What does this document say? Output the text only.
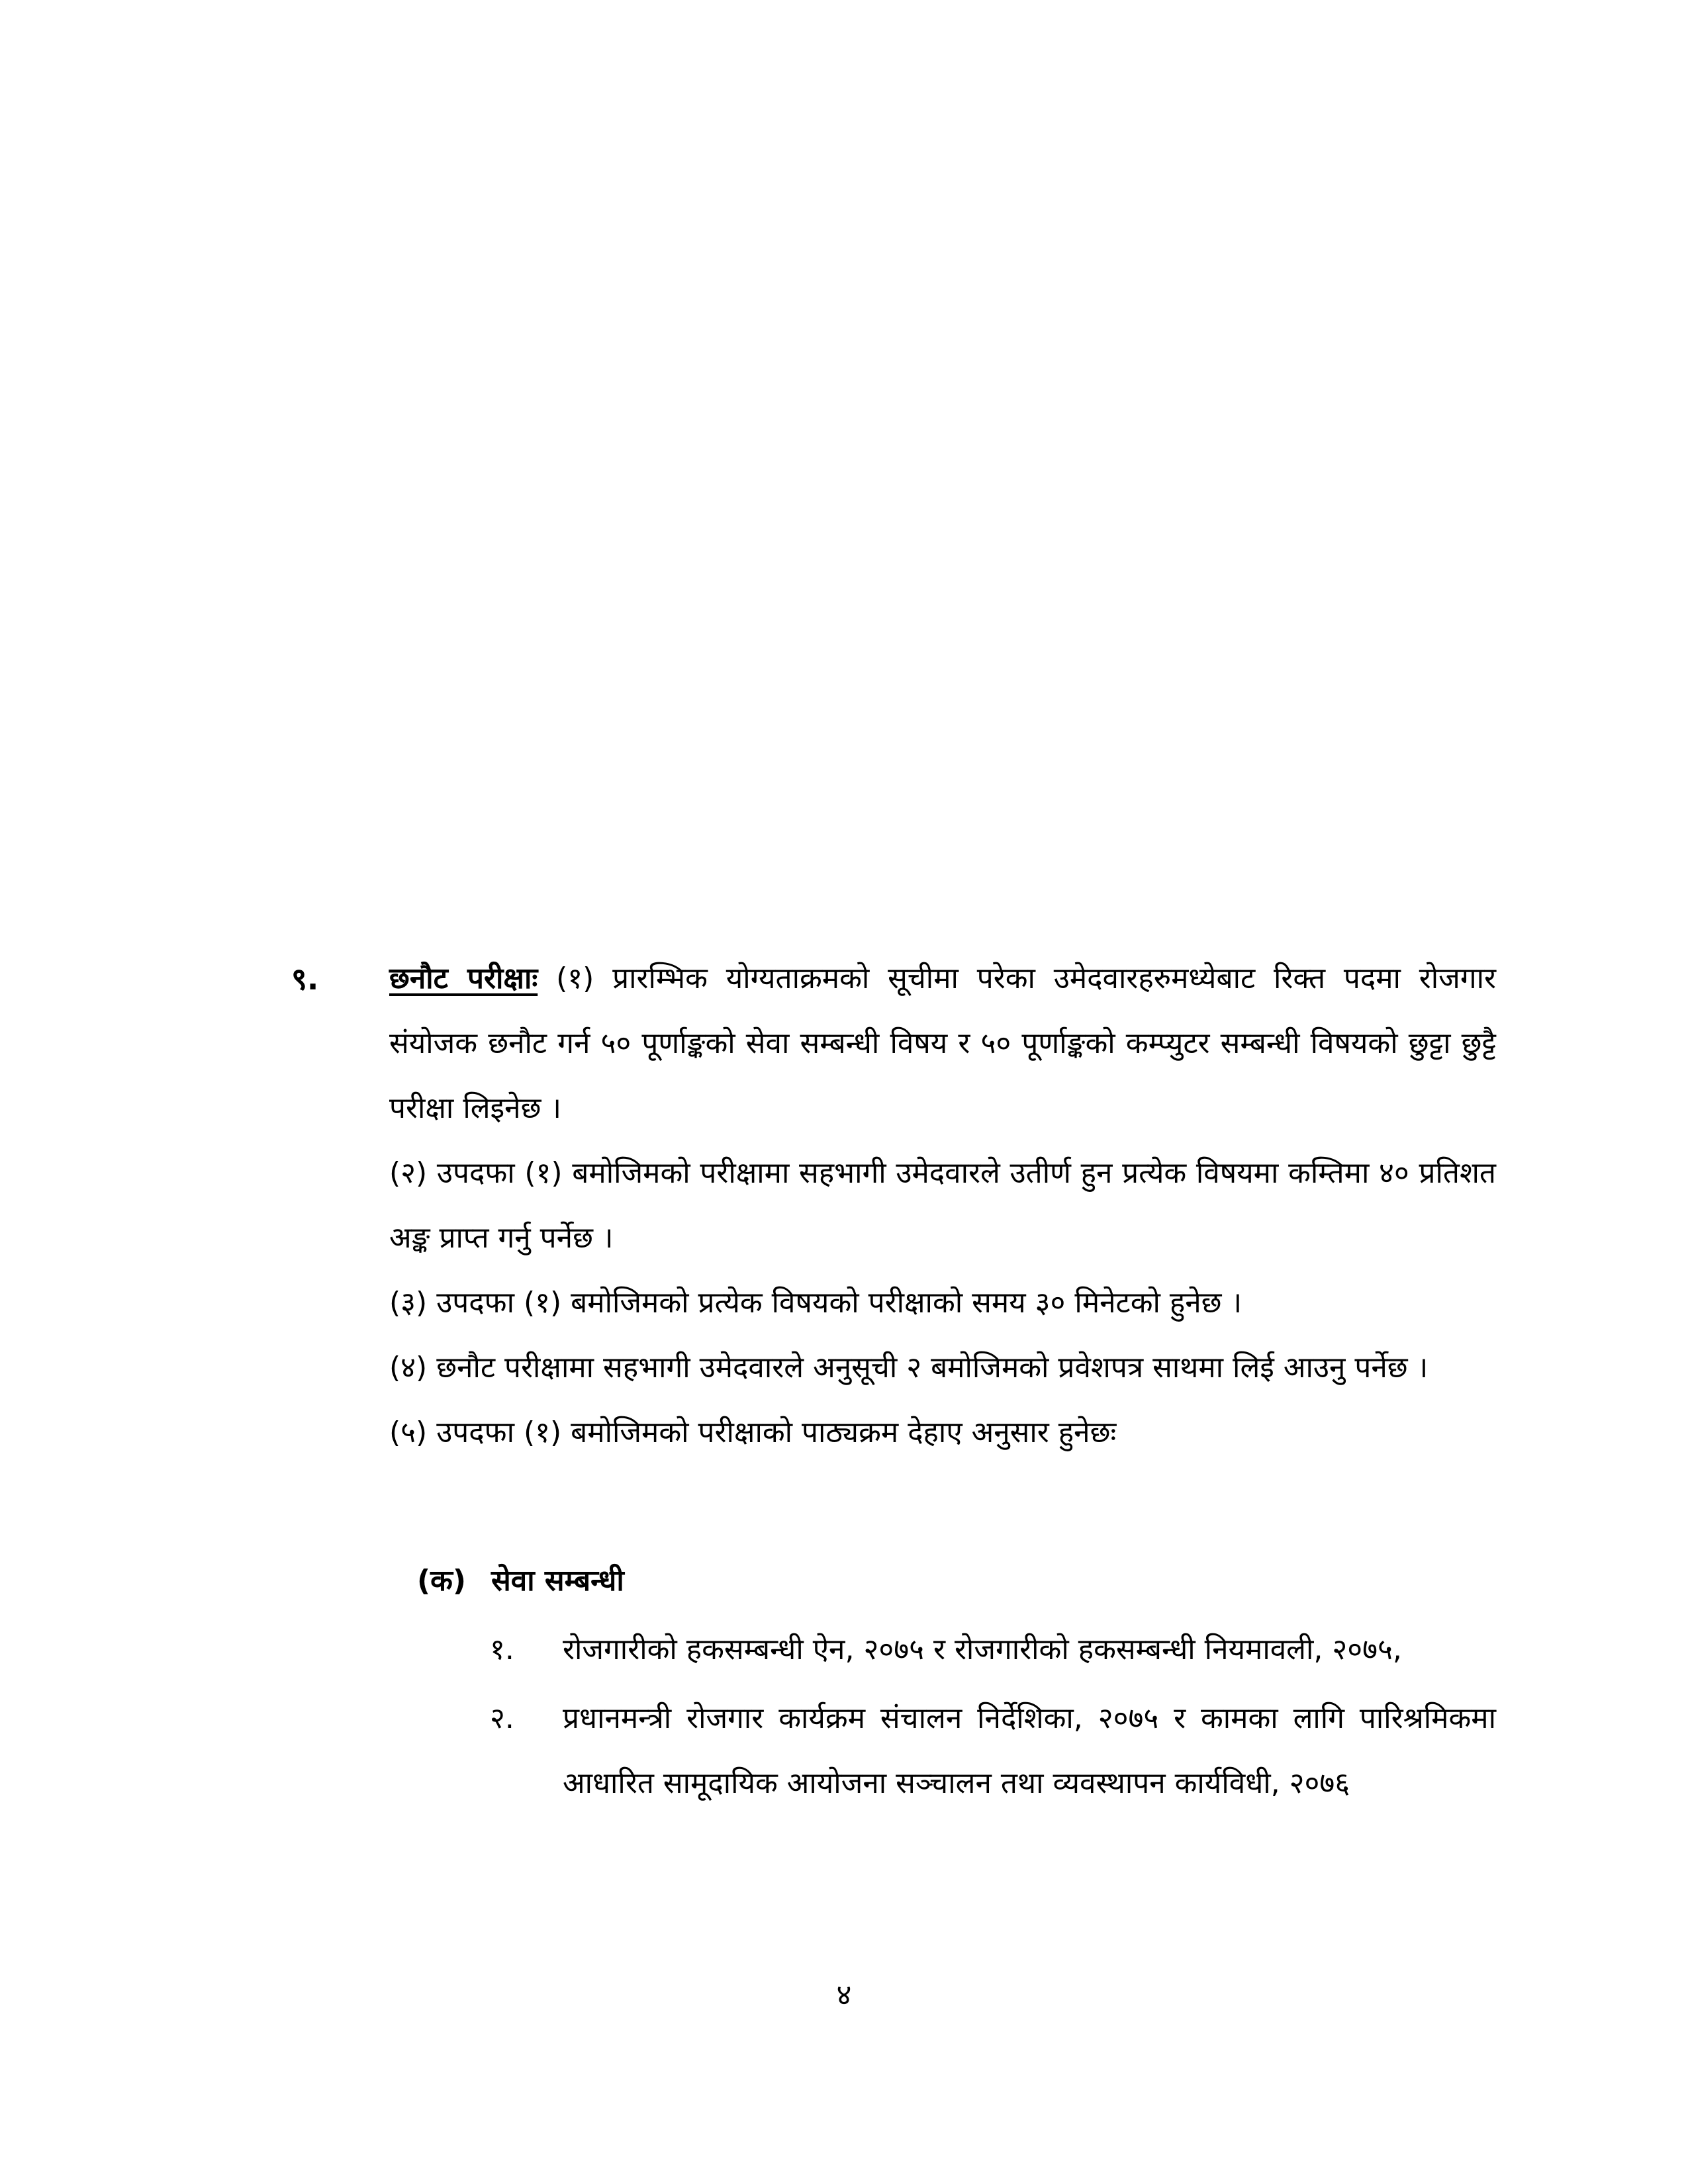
९. छनौट परीक्षाः (१) प्रारम्भिक योग्यताक्रमको सूचीमा परेका उमेदवारहरुमध्येबाट रिक्त पदमा रोजगार संयोजक छनौट गर्न ५० पूर्णाङ्कको सेवा सम्बन्धी विषय र ५० पूर्णाङ्कको कम्प्युटर सम्बन्धी विषयको छुट्टा छुट्टै परीक्षा लिइनेछ ।

(२) उपदफा (१) बमोजिमको परीक्षामा सहभागी उमेदवारले उतीर्ण हुन प्रत्येक विषयमा कम्तिमा ४० प्रतिशत अङ्क प्राप्त गर्नु पर्नेछ ।

(३) उपदफा (१) बमोजिमको प्रत्येक विषयको परीक्षाको समय ३० मिनेटको हुनेछ ।

(४) छनौट परीक्षामा सहभागी उमेदवारले अनुसूची २ बमोजिमको प्रवेशपत्र साथमा लिई आउनु पर्नेछ ।

(५) उपदफा (१) बमोजिमको परीक्षाको पाठ्यक्रम देहाए अनुसार हुनेछः

(क) सेवा सम्बन्धी
१. रोजगारीको हकसम्बन्धी ऐन, २०७५ र रोजगारीको हकसम्बन्धी नियमावली, २०७५,
२. प्रधानमन्त्री रोजगार कार्यक्रम संचालन निर्देशिका, २०७५ र कामका लागि पारिश्रमिकमा आधारित सामूदायिक आयोजना सञ्चालन तथा व्यवस्थापन कार्यविधी, २०७६
४
